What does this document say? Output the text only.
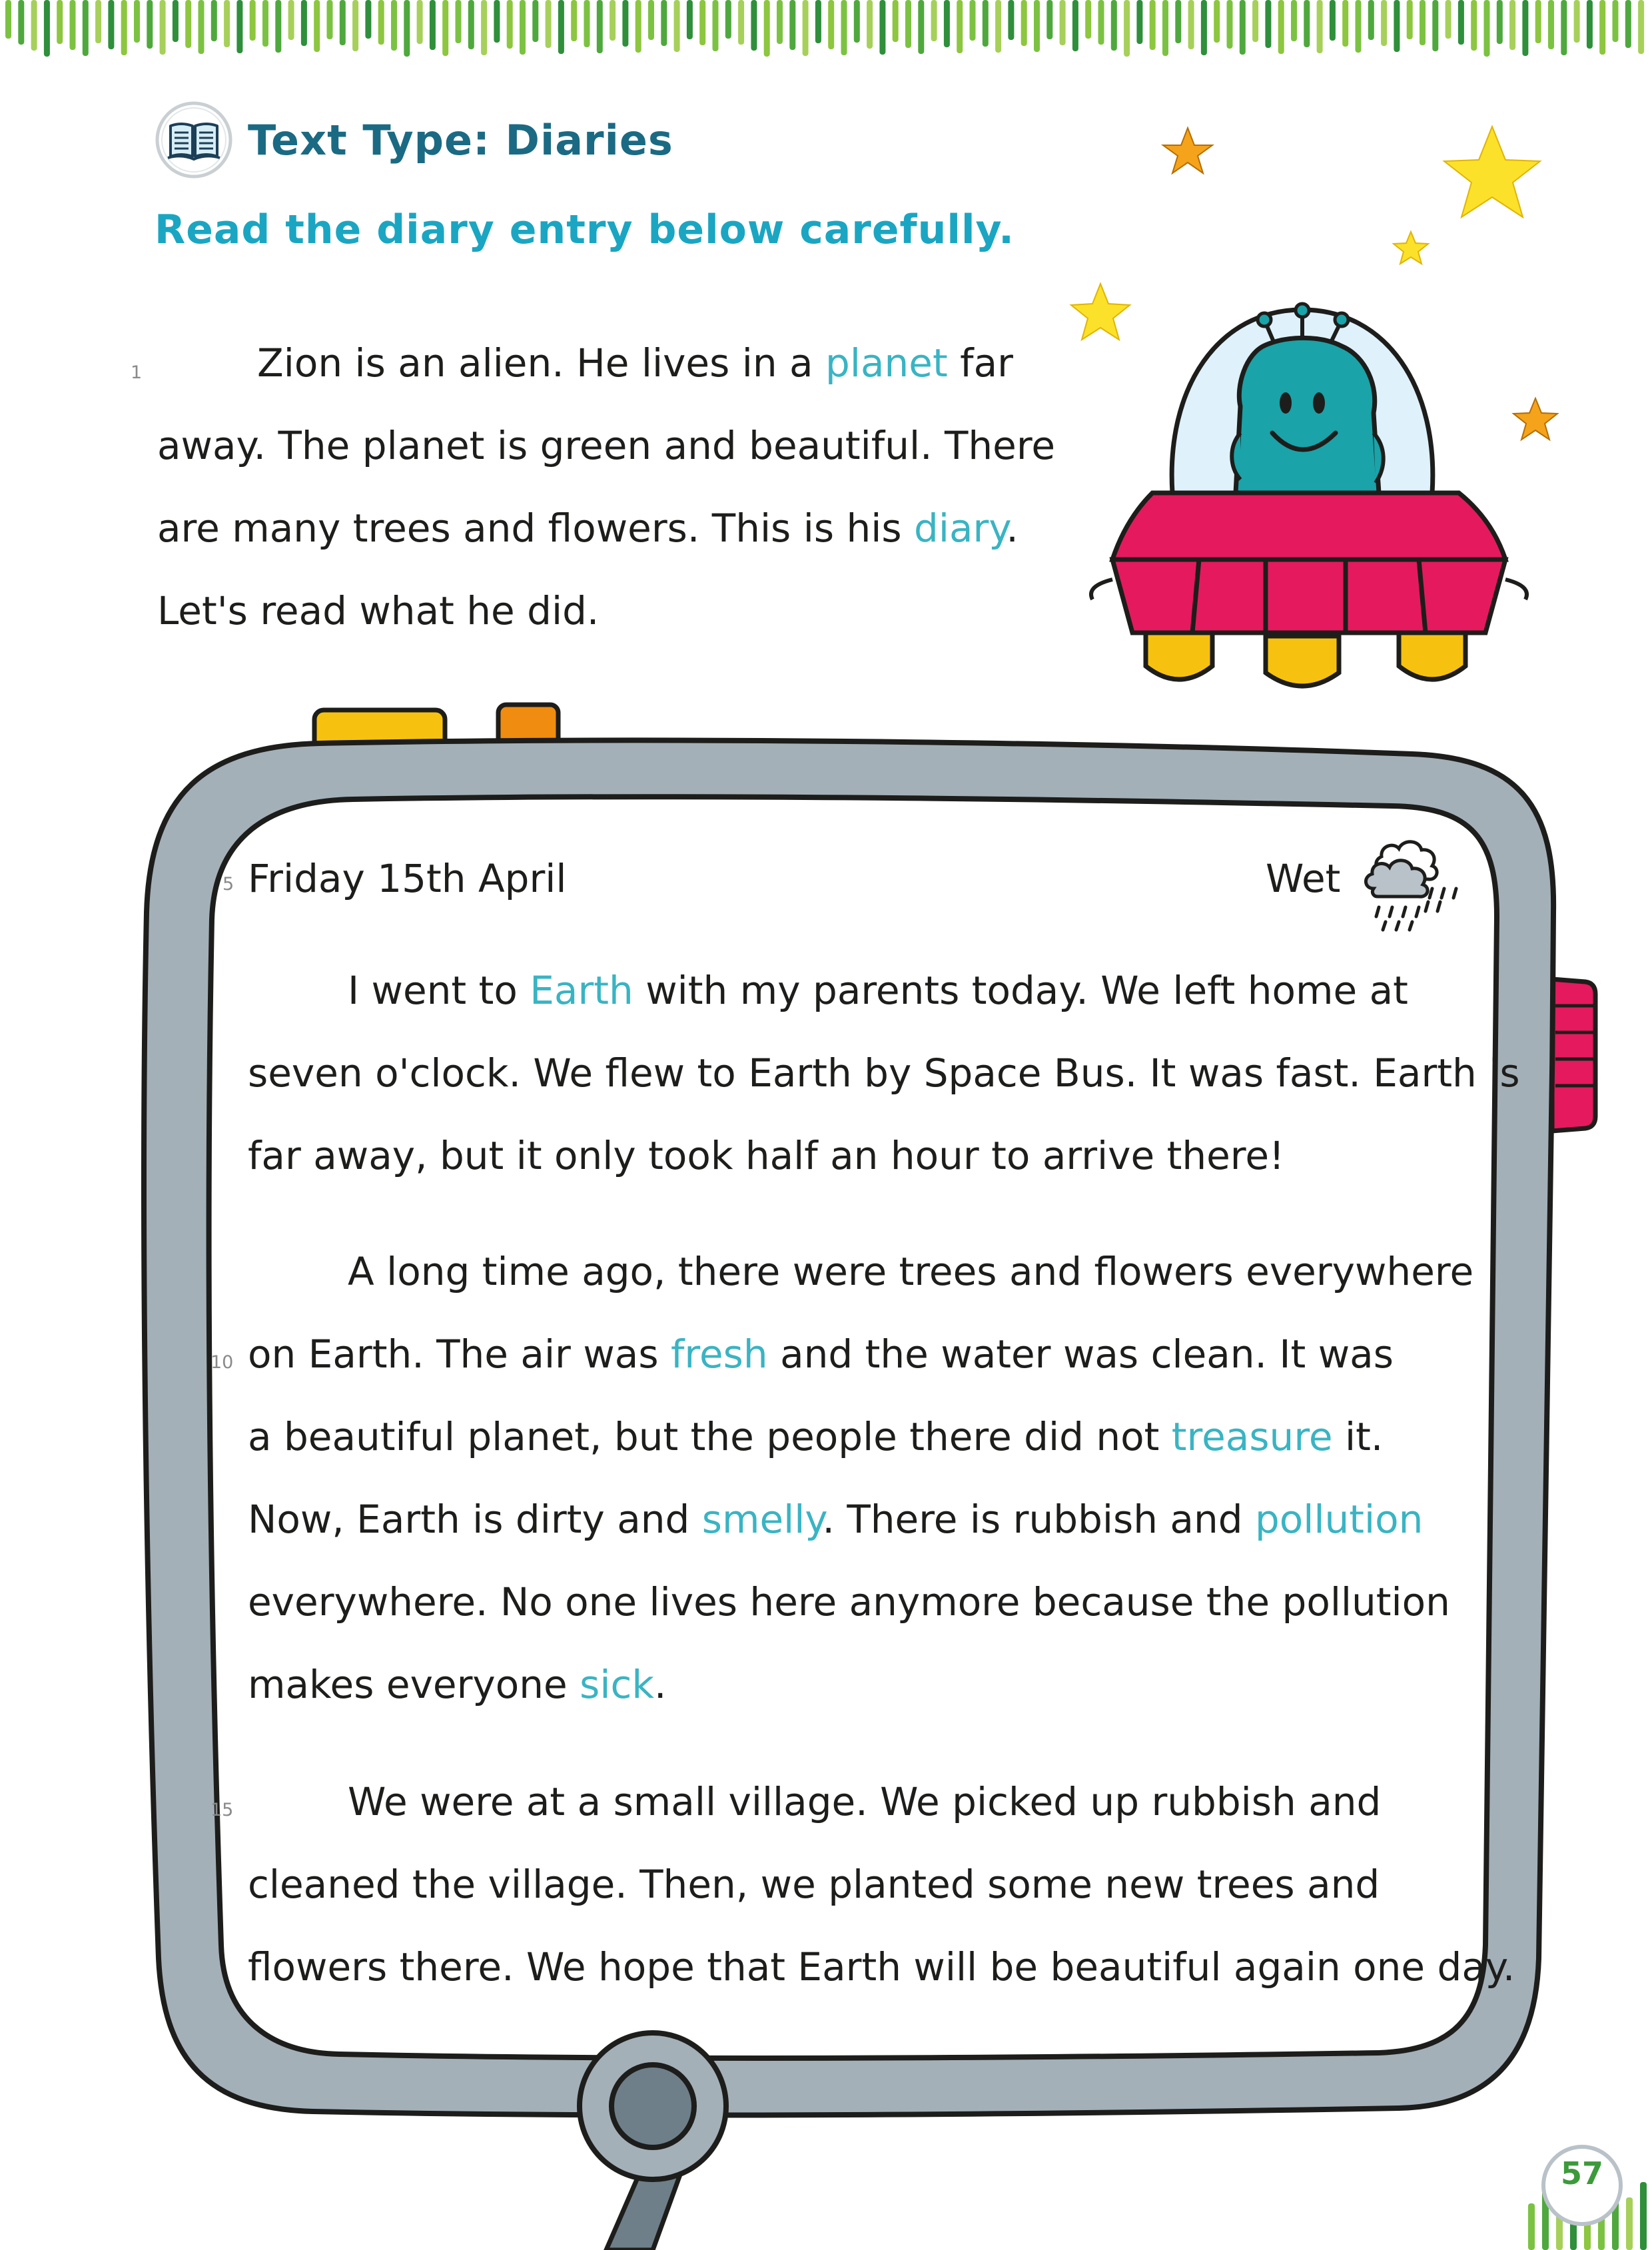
Text Type: Diaries

Read the diary entry below carefully.

Zion is an alien. He lives in a planet far

away. The planet is green and beautiful. There

are many trees and flowers. This is his diary.

Let's read what he did.

1
Friday 15th April	Wet

I went to Earth with my parents today. We left home at

seven o'clock. We flew to Earth by Space Bus. It was fast. Earth is

far away, but it only took half an hour to arrive there!

A long time ago, there were trees and flowers everywhere

on Earth. The air was fresh and the water was clean. It was

a beautiful planet, but the people there did not treasure it.

Now, Earth is dirty and smelly. There is rubbish and pollution

everywhere. No one lives here anymore because the pollution

makes everyone sick.

We were at a small village. We picked up rubbish and

cleaned the village. Then, we planted some new trees and

flowers there. We hope that Earth will be beautiful again one day.

5
10
15
57
